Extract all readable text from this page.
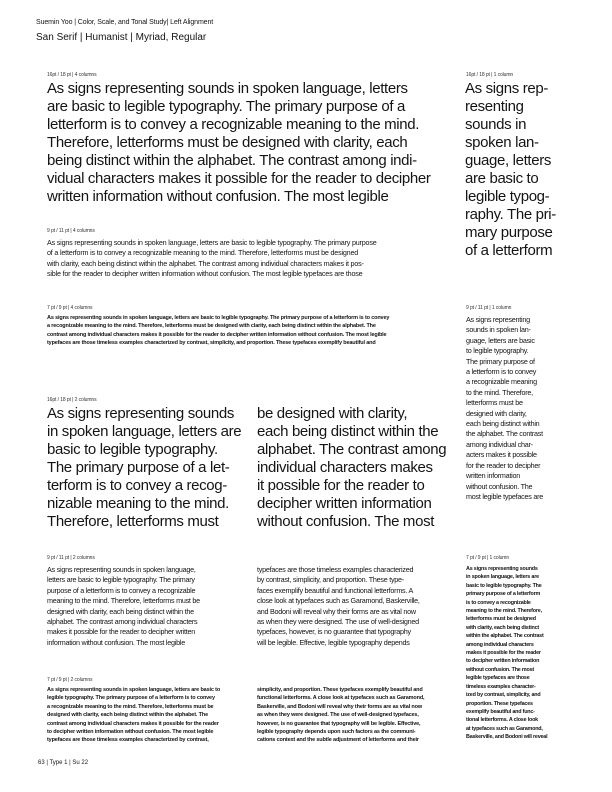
Suemin Yoo | Color, Scale, and Tonal Study| Left Alignment
San Serif | Humanist | Myriad, Regular
16pt / 18 pt | 4 columns
As signs representing sounds in spoken language, letters
are basic to legible typography. The primary purpose of a
letterform is to convey a recognizable meaning to the mind.
Therefore, letterforms must be designed with clarity, each
being distinct within the alphabet. The contrast among indi-
vidual characters makes it possible for the reader to decipher
written information without confusion. The most legible
16pt / 18 pt | 1 column
As signs rep-
resenting
sounds in
spoken lan-
guage, letters
are basic to
legible typog-
raphy. The pri-
mary purpose
of a letterform
9 pt / 11 pt | 4 columns
As signs representing sounds in spoken language, letters are basic to legible typography. The primary purpose
of a letterform is to convey a recognizable meaning to the mind. Therefore, letterforms must be designed
with clarity, each being distinct within the alphabet. The contrast among individual characters makes it pos-
sible for the reader to decipher written information without confusion. The most legible typefaces are those
7 pt / 9 pt | 4 columns
As signs representing sounds in spoken language, letters are basic to legible typography. The primary purpose of a letterform is to convey
a recognizable meaning to the mind. Therefore, letterforms must be designed with clarity, each being distinct within the alphabet. The
contrast among individual characters makes it possible for the reader to decipher written information without confusion. The most legible
typefaces are those timeless examples characterized by contrast, simplicity, and proportion. These typefaces exemplify beautiful and
9 pt / 11 pt | 1 column
As signs representing
sounds in spoken lan-
guage, letters are basic
to legible typography.
The primary purpose of
a letterform is to convey
a recognizable meaning
to the mind. Therefore,
letterforms must be
designed with clarity,
each being distinct within
the alphabet. The contrast
among individual char-
acters makes it possible
for the reader to decipher
written information
without confusion. The
most legible typefaces are
16pt / 18 pt | 2 columns
As signs representing sounds
in spoken language, letters are
basic to legible typography.
The primary purpose of a let-
terform is to convey a recog-
nizable meaning to the mind.
Therefore, letterforms must
be designed with clarity,
each being distinct within the
alphabet. The contrast among
individual characters makes
it possible for the reader to
decipher written information
without confusion. The most
9 pt / 11 pt | 2 columns
As signs representing sounds in spoken language,
letters are basic to legible typography. The primary
purpose of a letterform is to convey a recognizable
meaning to the mind. Therefore, letterforms must be
designed with clarity, each being distinct within the
alphabet. The contrast among individual characters
makes it possible for the reader to decipher written
information without confusion. The most legible
typefaces are those timeless examples characterized
by contrast, simplicity, and proportion. These type-
faces exemplify beautiful and functional letterforms. A
close look at typefaces such as Garamond, Baskerville,
and Bodoni will reveal why their forms are as vital now
as when they were designed. The use of well-designed
typefaces, however, is no guarantee that typography
will be legible. Effective, legible typography depends
7 pt / 9 pt | 1 column
As signs representing sounds
in spoken language, letters are
basic to legible typography. The
primary purpose of a letterform
is to convey a recognizable
meaning to the mind. Therefore,
letterforms must be designed
with clarity, each being distinct
within the alphabet. The contrast
among individual characters
makes it possible for the reader
to decipher written information
without confusion. The most
legible typefaces are those
timeless examples character-
ized by contrast, simplicity, and
proportion. These typefaces
exemplify beautiful and func-
tional letterforms. A close look
at typefaces such as Garamond,
Baskerville, and Bodoni will reveal
7 pt / 9 pt | 2 columns
As signs representing sounds in spoken language, letters are basic to
legible typography. The primary purpose of a letterform is to convey
a recognizable meaning to the mind. Therefore, letterforms must be
designed with clarity, each being distinct within the alphabet. The
contrast among individual characters makes it possible for the reader
to decipher written information without confusion. The most legible
typefaces are those timeless examples characterized by contrast,
simplicity, and proportion. These typefaces exemplify beautiful and
functional letterforms. A close look at typefaces such as Garamond,
Baskerville, and Bodoni will reveal why their forms are as vital now
as when they were designed. The use of well-designed typefaces,
however, is no guarantee that typography will be legible. Effective,
legible typography depends upon such factors as the communi-
cations context and the subtle adjustment of letterforms and their
63 | Type 1 | Su 22
